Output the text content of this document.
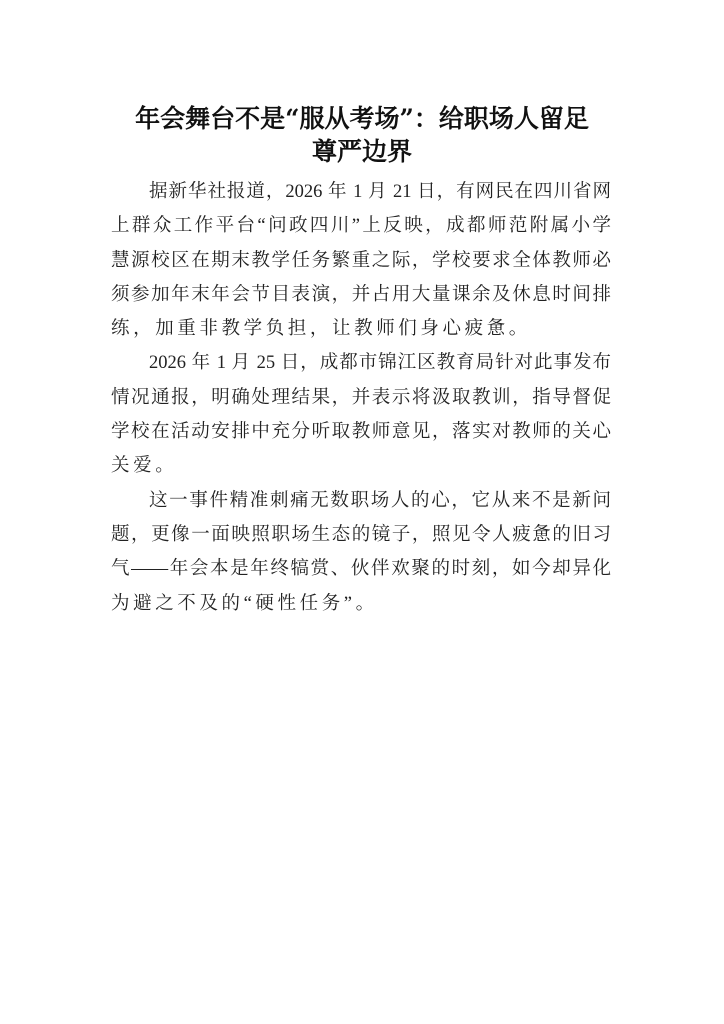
年会舞台不是“服从考场”：给职场人留足
尊严边界
据新华社报道，2026 年 1 月 21 日，有网民在四川省网
上群众工作平台“问政四川”上反映，成都师范附属小学
慧源校区在期末教学任务繁重之际，学校要求全体教师必
须参加年末年会节目表演，并占用大量课余及休息时间排
练，加重非教学负担，让教师们身心疲惫。
2026 年 1 月 25 日，成都市锦江区教育局针对此事发布
情况通报，明确处理结果，并表示将汲取教训，指导督促
学校在活动安排中充分听取教师意见，落实对教师的关心
关爱。
这一事件精准刺痛无数职场人的心，它从来不是新问
题，更像一面映照职场生态的镜子，照见令人疲惫的旧习
气——年会本是年终犒赏、伙伴欢聚的时刻，如今却异化
为避之不及的“硬性任务”。
